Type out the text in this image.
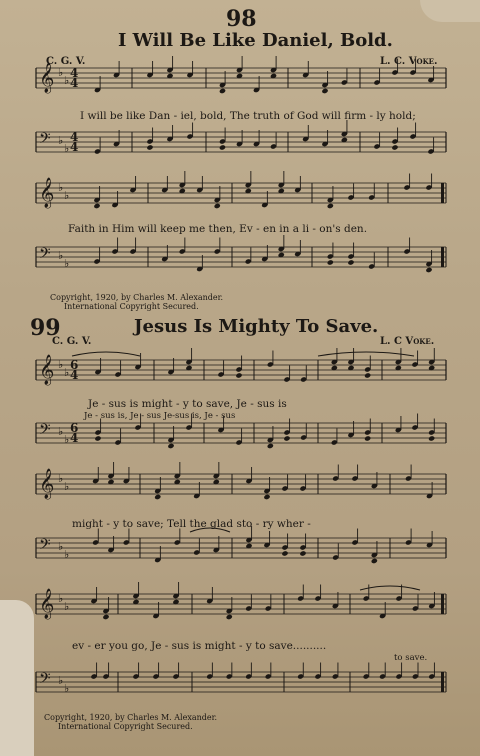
98
I Will Be Like Daniel, Bold.
C. G. V.	L. C. Voke.
I will be like Dan - iel, bold, The truth of God will firm - ly hold;
Faith in Him will keep me then, Ev - en in a li - on's den.
Copyright, 1920, by Charles M. Alexander.
International Copyright Secured.
99	Jesus Is Mighty To Save.
C. G. V.	L. C Voke.
Je - sus is might - y to save, Je - sus is
Je - sus is, Je - sus Je-sus is, Je - sus
might - y to save; Tell the glad sto - ry wher -
ev - er you go, Je - sus is might - y to save..........
to save.
Copyright, 1920, by Charles M. Alexander.
International Copyright Secured.
𝄞 ♭
♭
𝄢 ♭
♭
𝄞 ♭
♭
𝄢 ♭
♭
𝄞 ♭
♭
𝄢 ♭
♭
𝄞 ♭
♭
𝄢 ♭
♭
𝄞 ♭
♭
𝄢 ♭
♭
4
4
4
4
6
4
6
4
